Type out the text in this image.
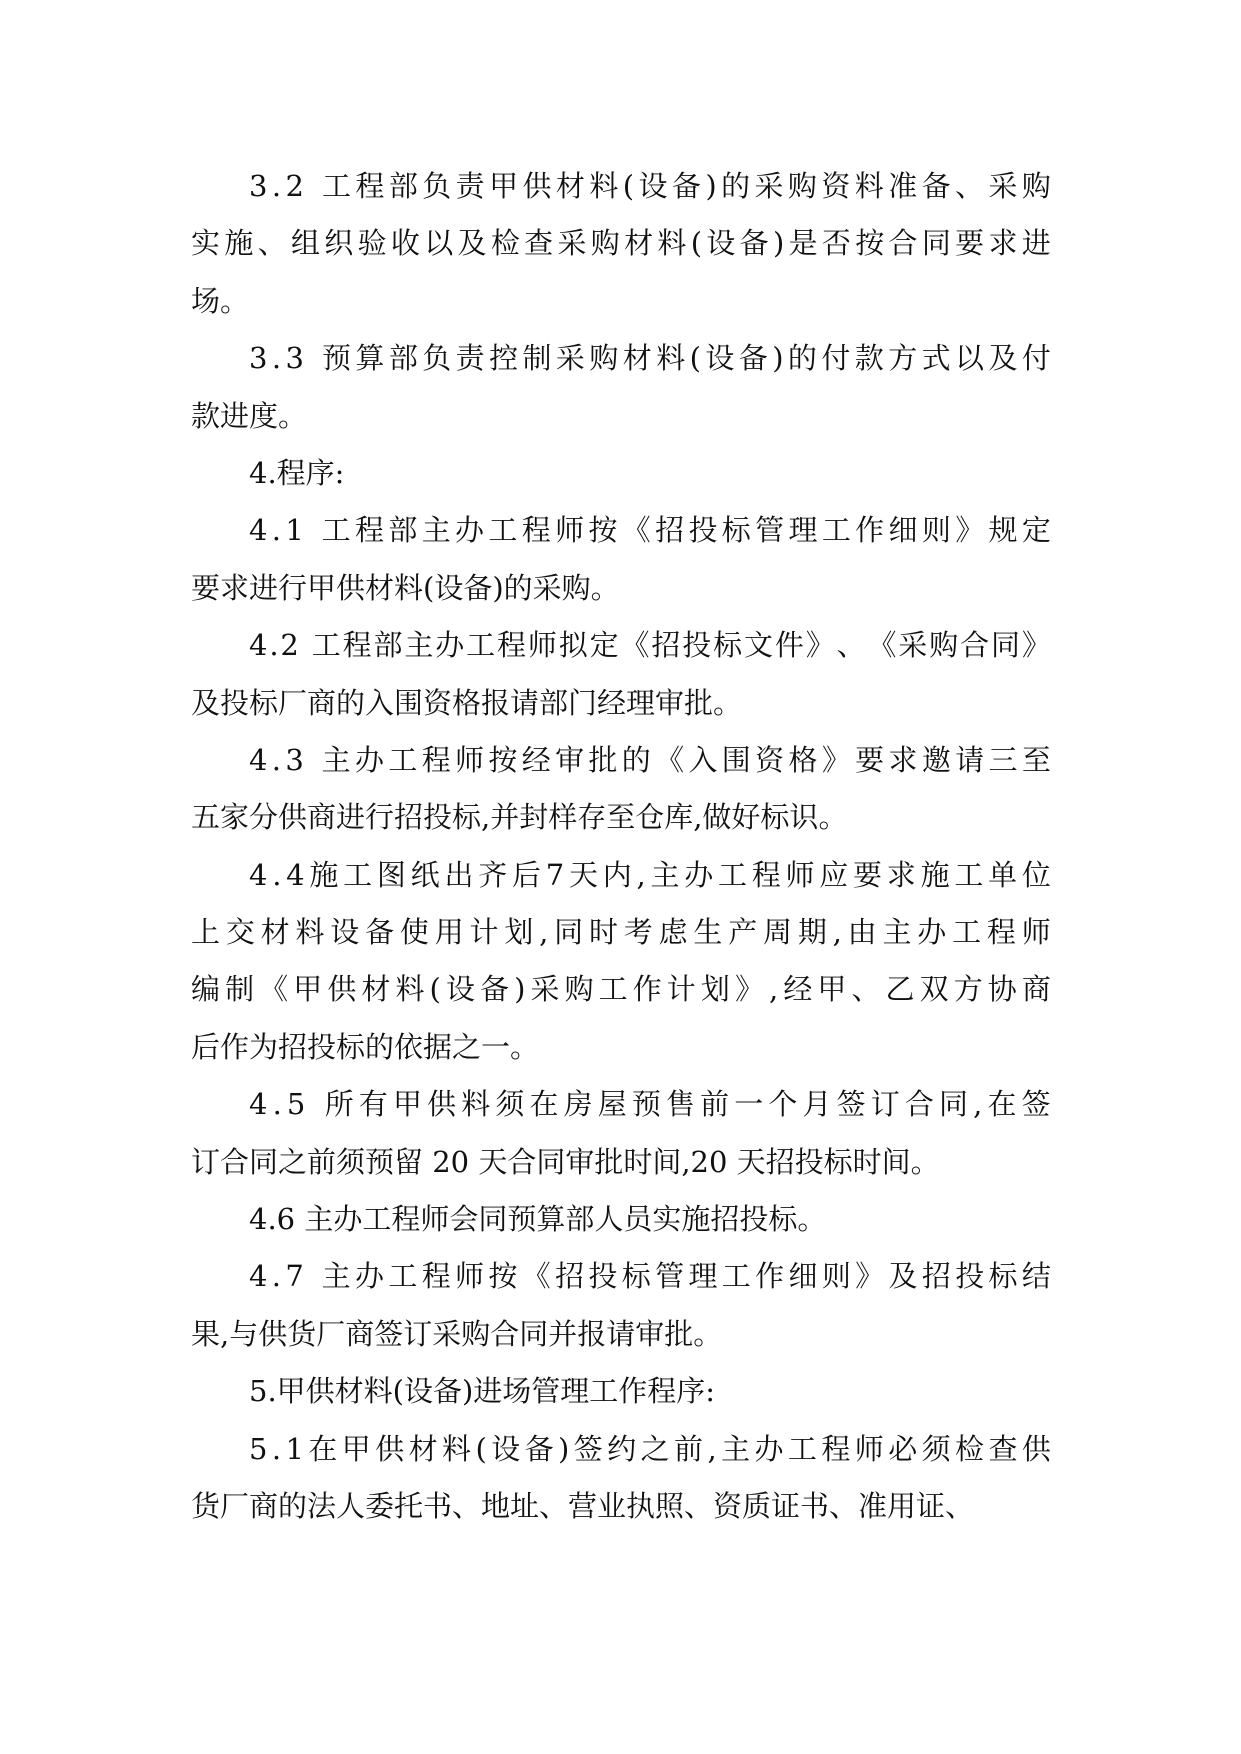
3 . 2
工 程 部 负 责 甲 供 材 料 ( 设 备 ) 的 采 购 资 料 准 备 、 采 购
实 施 、 组 织 验 收 以 及 检 查 采 购 材 料 ( 设 备 ) 是 否 按 合 同 要 求 进
场。
3 . 3
预 算 部 负 责 控 制 采 购 材 料 ( 设 备 ) 的 付 款 方 式 以 及 付
款进度。
4.程序:
4 . 1
工 程 部 主 办 工 程 师 按 《 招 投 标 管 理 工 作 细 则 》 规 定
要求进行甲供材料(设备)的采购。
4 . 2
工 程 部 主 办 工 程 师 拟 定 《 招 投 标 文 件 》 、 《 采 购 合 同 》
及投标厂商的入围资格报请部门经理审批。
4 . 3
主 办 工 程 师 按 经 审 批 的 《 入 围 资 格 》 要 求 邀 请 三 至
五家分供商进行招投标,并封样存至仓库,做好标识。
4 . 4 施 工 图 纸 出 齐 后 7 天 内 , 主 办 工 程 师 应 要 求 施 工 单 位
上 交 材 料 设 备 使 用 计 划 , 同 时 考 虑 生 产 周 期 , 由 主 办 工 程 师
编 制 《 甲 供 材 料 ( 设 备 ) 采 购 工 作 计 划 》 , 经 甲 、 乙 双 方 协 商
后作为招投标的依据之一。
4 . 5
所 有 甲 供 料 须 在 房 屋 预 售 前 一 个 月 签 订 合 同 , 在 签
订合同之前须预留 20 天合同审批时间,20 天招投标时间。
4.6 主办工程师会同预算部人员实施招投标。
4 . 7
主 办 工 程 师 按 《 招 投 标 管 理 工 作 细 则 》 及 招 投 标 结
果,与供货厂商签订采购合同并报请审批。
5.甲供材料(设备)进场管理工作程序:
5 . 1 在 甲 供 材 料 ( 设 备 ) 签 约 之 前 , 主 办 工 程 师 必 须 检 查 供
货厂商的法人委托书、地址、营业执照、资质证书、准用证、
